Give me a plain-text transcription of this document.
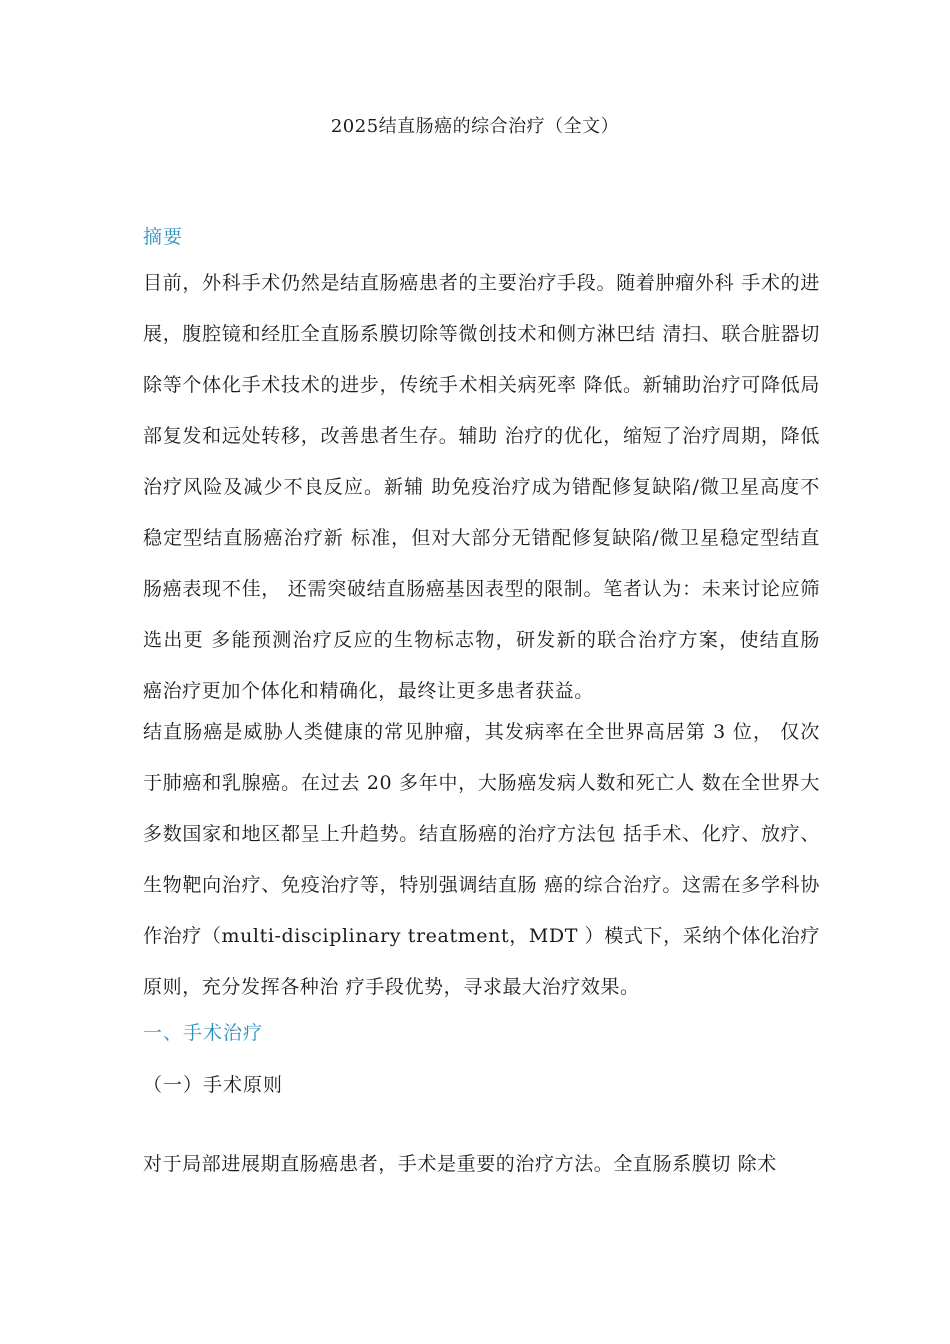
2025结直肠癌的综合治疗（全文）
摘要
目前，外科手术仍然是结直肠癌患者的主要治疗手段。随着肿瘤外科 手术的进展，腹腔镜和经肛全直肠系膜切除等微创技术和侧方淋巴结 清扫、联合脏器切除等个体化手术技术的进步，传统手术相关病死率 降低。新辅助治疗可降低局部复发和远处转移，改善患者生存。辅助 治疗的优化，缩短了治疗周期，降低治疗风险及减少不良反应。新辅 助免疫治疗成为错配修复缺陷/微卫星高度不稳定型结直肠癌治疗新 标准，但对大部分无错配修复缺陷/微卫星稳定型结直肠癌表现不佳， 还需突破结直肠癌基因表型的限制。笔者认为：未来讨论应筛选出更 多能预测治疗反应的生物标志物，研发新的联合治疗方案，使结直肠 癌治疗更加个体化和精确化，最终让更多患者获益。
结直肠癌是威胁人类健康的常见肿瘤，其发病率在全世界高居第 3 位， 仅次于肺癌和乳腺癌。在过去 20 多年中，大肠癌发病人数和死亡人 数在全世界大多数国家和地区都呈上升趋势。结直肠癌的治疗方法包 括手术、化疗、放疗、生物靶向治疗、免疫治疗等，特别强调结直肠 癌的综合治疗。这需在多学科协作治疗（multi-disciplinary treatment，MDT ）模式下，采纳个体化治疗原则，充分发挥各种治 疗手段优势，寻求最大治疗效果。
一、手术治疗
（一）手术原则
对于局部进展期直肠癌患者，手术是重要的治疗方法。全直肠系膜切 除术
